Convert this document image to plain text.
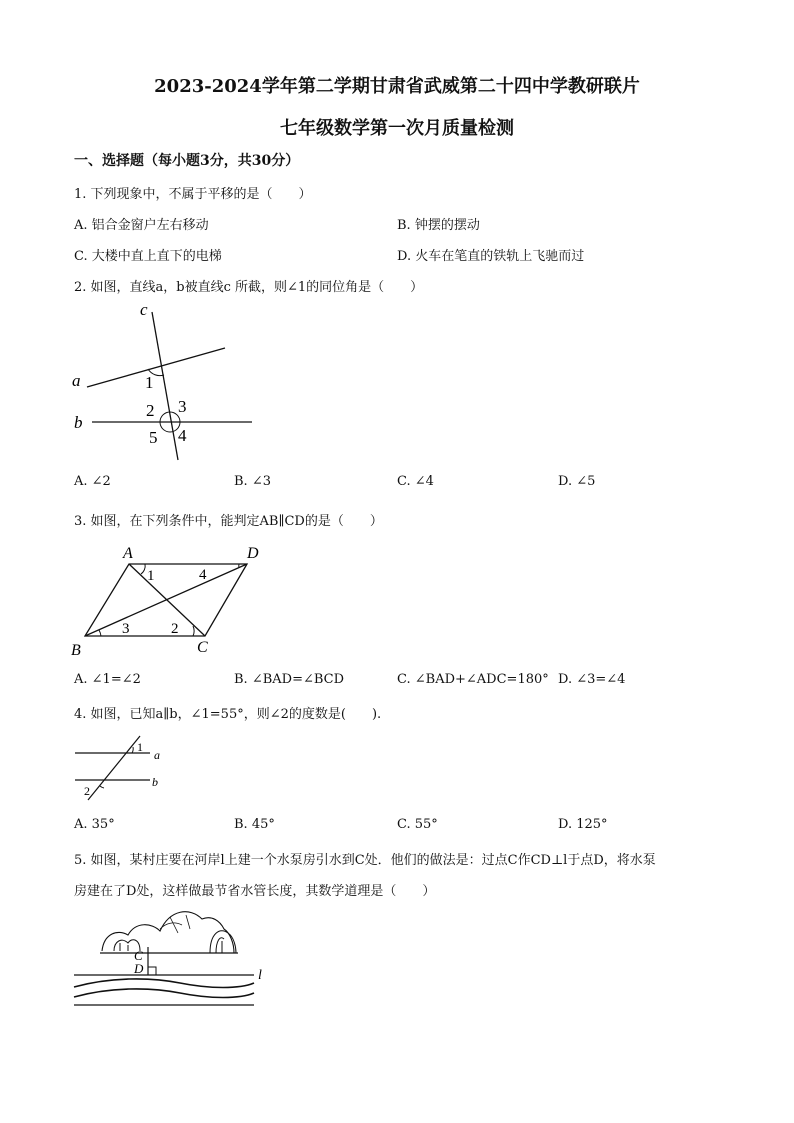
2023-2024学年第二学期甘肃省武威第二十四中学教研联片
七年级数学第一次月质量检测
一、选择题（每小题3分，共30分）
1. 下列现象中，不属于平移的是（　　）
A. 铝合金窗户左右移动	B. 钟摆的摆动
C. 大楼中直上直下的电梯	D. 火车在笔直的铁轨上飞驰而过
2. 如图，直线a，b被直线c 所截，则∠1的同位角是（　　）
c
a
b
1
2 3
4
5
A. ∠2	B. ∠3	C. ∠4	D. ∠5
3. 如图，在下列条件中，能判定AB∥CD的是（　　）
A	D
B	C
1	4
2
3
A. ∠1=∠2	B. ∠BAD=∠BCD	C. ∠BAD+∠ADC=180° D. ∠3=∠4
4. 如图，已知a∥b，∠1=55°，则∠2的度数是(　　).
1
a
b
2
A. 35°	B. 45°	C. 55°	D. 125°
5. 如图，某村庄要在河岸l上建一个水泵房引水到C处．他们的做法是：过点C作CD⊥l于点D，将水泵
房建在了D处，这样做最节省水管长度，其数学道理是（　　）
C
D	l
